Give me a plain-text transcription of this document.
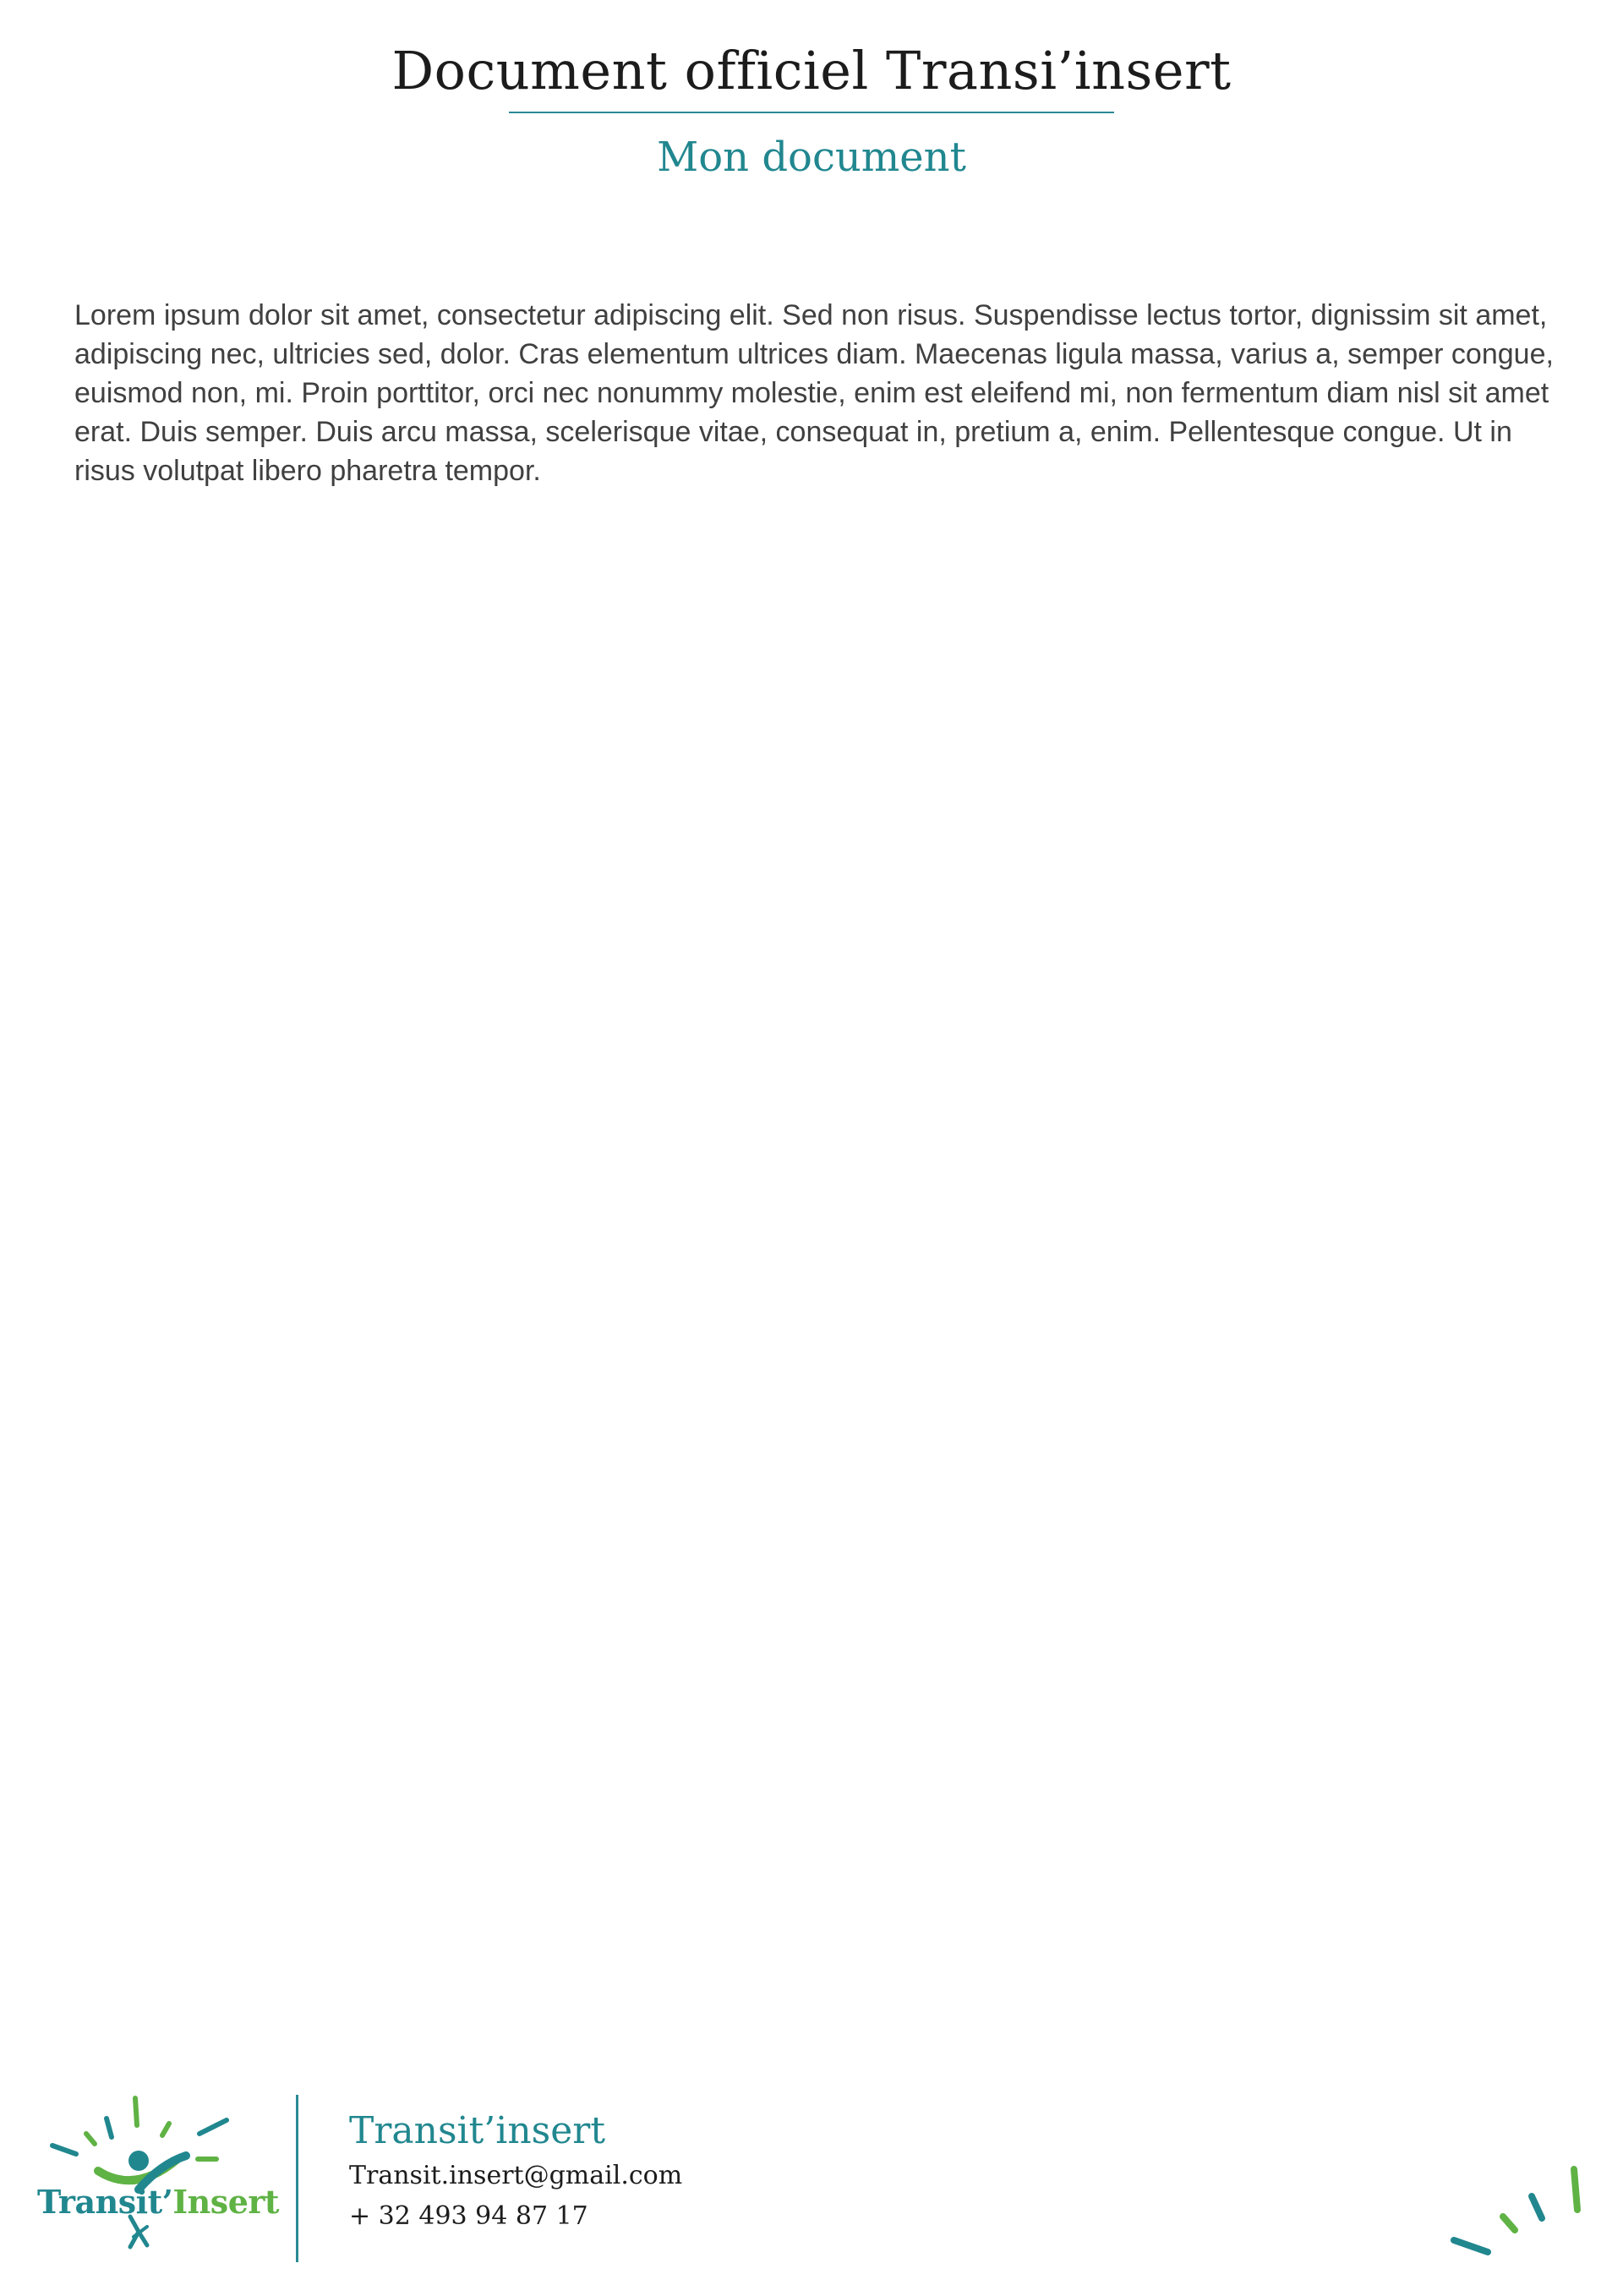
Document officiel Transi’insert
Mon document

Lorem ipsum dolor sit amet, consectetur adipiscing elit. Sed non risus. Suspendisse lectus tortor, dignissim sit amet, adipiscing nec, ultricies sed, dolor. Cras elementum ultrices diam. Maecenas ligula massa, varius a, semper congue, euismod non, mi. Proin porttitor, orci nec nonummy molestie, enim est eleifend mi, non fermentum diam nisl sit amet erat. Duis semper. Duis arcu massa, scelerisque vitae, consequat in, pretium a, enim. Pellentesque congue. Ut in risus volutpat libero pharetra tempor.

Transit’Insert

Transit’insert

Transit.insert@gmail.com

+ 32 493 94 87 17
